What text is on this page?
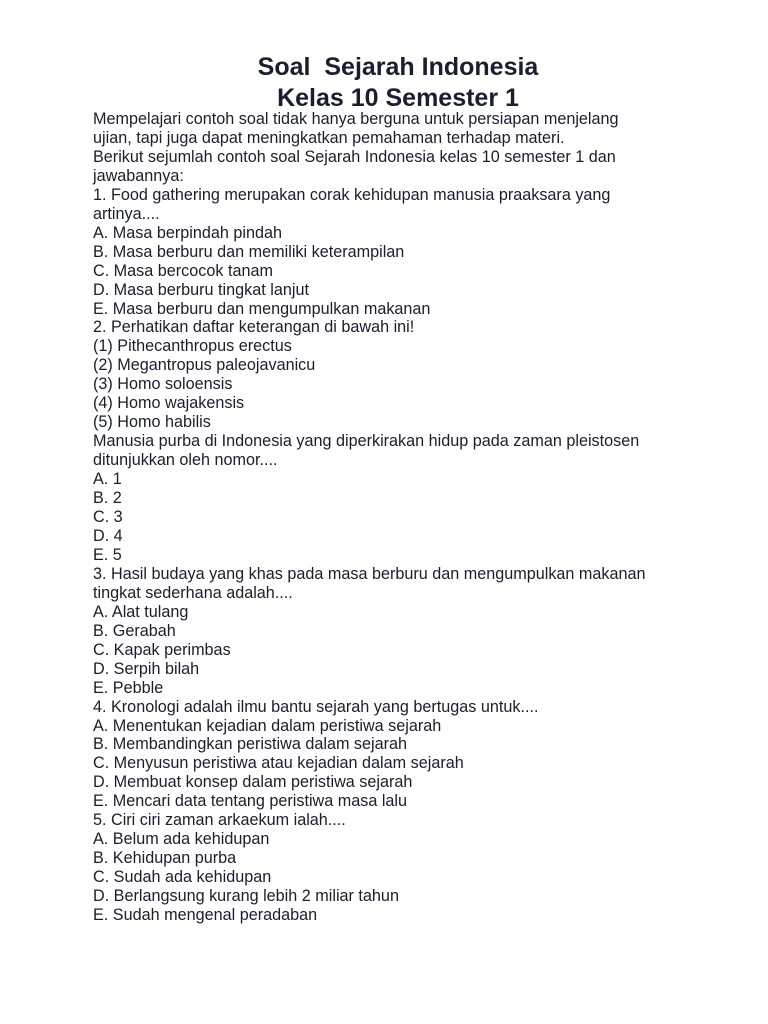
Soal  Sejarah Indonesia
Kelas 10 Semester 1
Mempelajari contoh soal tidak hanya berguna untuk persiapan menjelang
ujian, tapi juga dapat meningkatkan pemahaman terhadap materi.
Berikut sejumlah contoh soal Sejarah Indonesia kelas 10 semester 1 dan
jawabannya:
1. Food gathering merupakan corak kehidupan manusia praaksara yang
artinya....
A. Masa berpindah pindah
B. Masa berburu dan memiliki keterampilan
C. Masa bercocok tanam
D. Masa berburu tingkat lanjut
E. Masa berburu dan mengumpulkan makanan
2. Perhatikan daftar keterangan di bawah ini!
(1) Pithecanthropus erectus
(2) Megantropus paleojavanicu
(3) Homo soloensis
(4) Homo wajakensis
(5) Homo habilis
Manusia purba di Indonesia yang diperkirakan hidup pada zaman pleistosen
ditunjukkan oleh nomor....
A. 1
B. 2
C. 3
D. 4
E. 5
3. Hasil budaya yang khas pada masa berburu dan mengumpulkan makanan
tingkat sederhana adalah....
A. Alat tulang
B. Gerabah
C. Kapak perimbas
D. Serpih bilah
E. Pebble
4. Kronologi adalah ilmu bantu sejarah yang bertugas untuk....
A. Menentukan kejadian dalam peristiwa sejarah
B. Membandingkan peristiwa dalam sejarah
C. Menyusun peristiwa atau kejadian dalam sejarah
D. Membuat konsep dalam peristiwa sejarah
E. Mencari data tentang peristiwa masa lalu
5. Ciri ciri zaman arkaekum ialah....
A. Belum ada kehidupan
B. Kehidupan purba
C. Sudah ada kehidupan
D. Berlangsung kurang lebih 2 miliar tahun
E. Sudah mengenal peradaban
